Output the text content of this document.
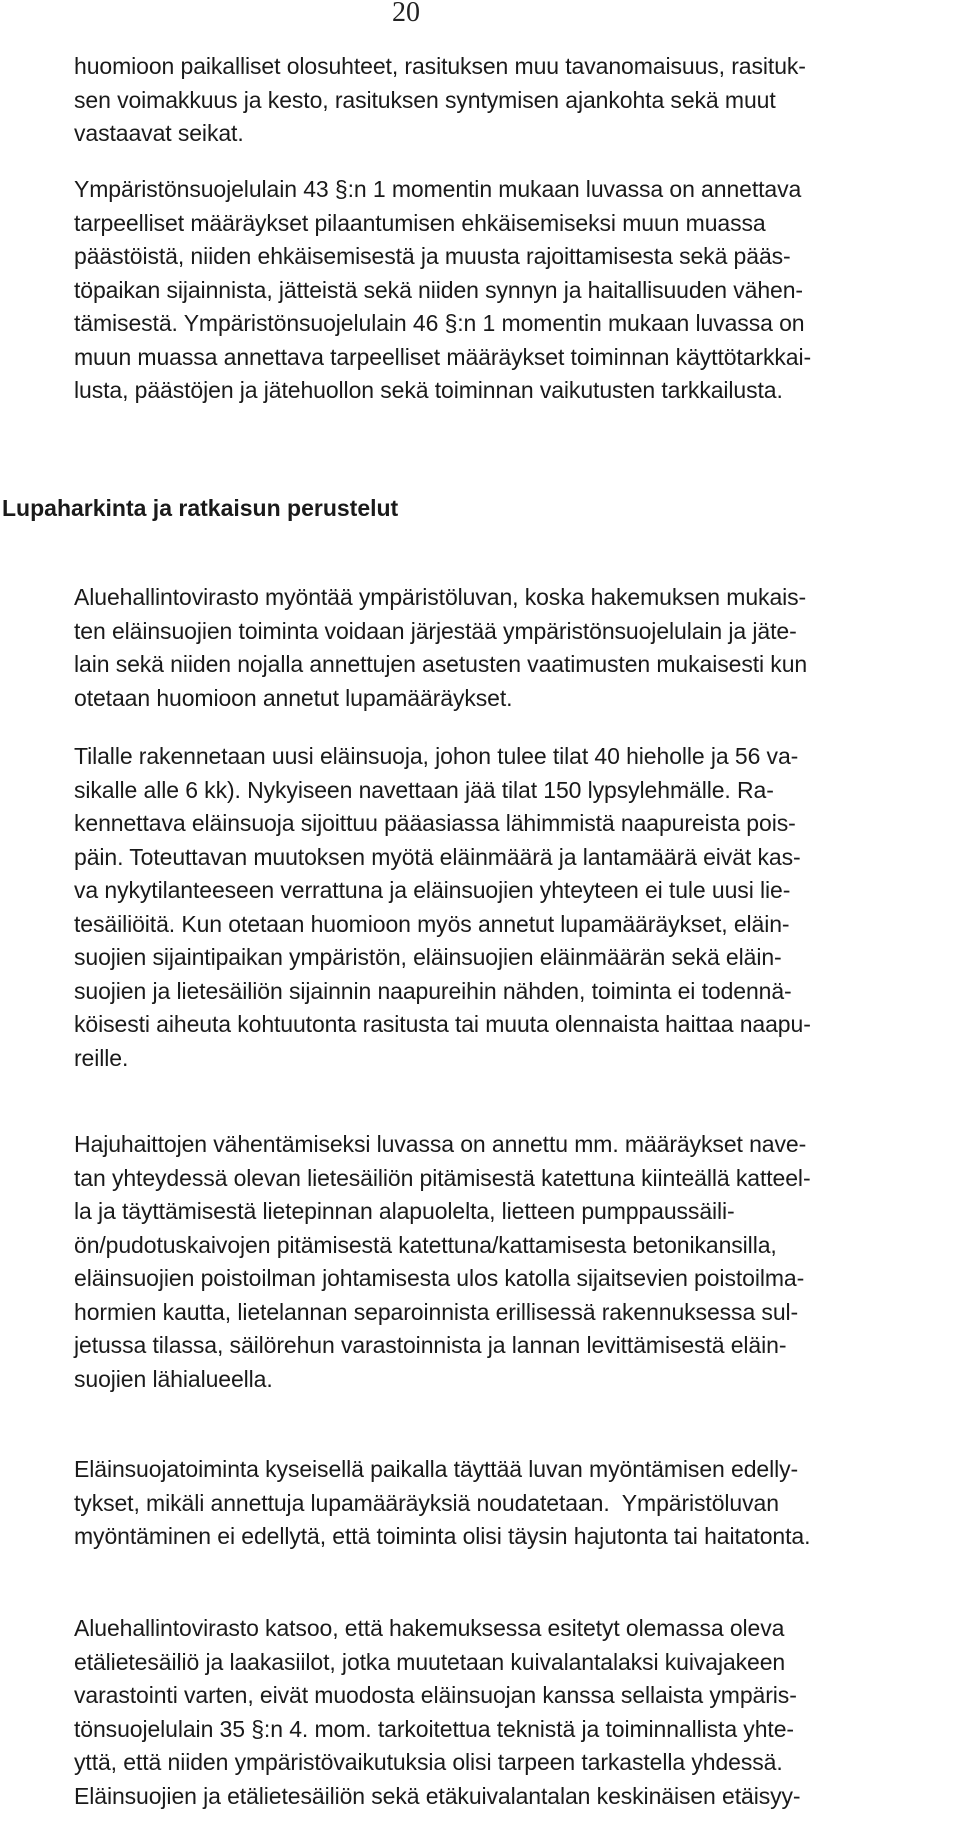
20
huomioon paikalliset olosuhteet, rasituksen muu tavanomaisuus, rasituk-
sen voimakkuus ja kesto, rasituksen syntymisen ajankohta sekä muut
vastaavat seikat.
Ympäristönsuojelulain 43 §:n 1 momentin mukaan luvassa on annettava
tarpeelliset määräykset pilaantumisen ehkäisemiseksi muun muassa
päästöistä, niiden ehkäisemisestä ja muusta rajoittamisesta sekä pääs-
töpaikan sijainnista, jätteistä sekä niiden synnyn ja haitallisuuden vähen-
tämisestä. Ympäristönsuojelulain 46 §:n 1 momentin mukaan luvassa on
muun muassa annettava tarpeelliset määräykset toiminnan käyttötarkkai-
lusta, päästöjen ja jätehuollon sekä toiminnan vaikutusten tarkkailusta.
Lupaharkinta ja ratkaisun perustelut
Aluehallintovirasto myöntää ympäristöluvan, koska hakemuksen mukais-
ten eläinsuojien toiminta voidaan järjestää ympäristönsuojelulain ja jäte-
lain sekä niiden nojalla annettujen asetusten vaatimusten mukaisesti kun
otetaan huomioon annetut lupamääräykset.
Tilalle rakennetaan uusi eläinsuoja, johon tulee tilat 40 hieholle ja 56 va-
sikalle alle 6 kk). Nykyiseen navettaan jää tilat 150 lypsylehmälle. Ra-
kennettava eläinsuoja sijoittuu pääasiassa lähimmistä naapureista pois-
päin. Toteuttavan muutoksen myötä eläinmäärä ja lantamäärä eivät kas-
va nykytilanteeseen verrattuna ja eläinsuojien yhteyteen ei tule uusi lie-
tesäiliöitä. Kun otetaan huomioon myös annetut lupamääräykset, eläin-
suojien sijaintipaikan ympäristön, eläinsuojien eläinmäärän sekä eläin-
suojien ja lietesäiliön sijainnin naapureihin nähden, toiminta ei todennä-
köisesti aiheuta kohtuutonta rasitusta tai muuta olennaista haittaa naapu-
reille.
Hajuhaittojen vähentämiseksi luvassa on annettu mm. määräykset nave-
tan yhteydessä olevan lietesäiliön pitämisestä katettuna kiinteällä katteel-
la ja täyttämisestä lietepinnan alapuolelta, lietteen pumppaussäili-
ön/pudotuskaivojen pitämisestä katettuna/kattamisesta betonikansilla,
eläinsuojien poistoilman johtamisesta ulos katolla sijaitsevien poistoilma-
hormien kautta, lietelannan separoinnista erillisessä rakennuksessa sul-
jetussa tilassa, säilörehun varastoinnista ja lannan levittämisestä eläin-
suojien lähialueella.
Eläinsuojatoiminta kyseisellä paikalla täyttää luvan myöntämisen edelly-
tykset, mikäli annettuja lupamääräyksiä noudatetaan.  Ympäristöluvan
myöntäminen ei edellytä, että toiminta olisi täysin hajutonta tai haitatonta.
Aluehallintovirasto katsoo, että hakemuksessa esitetyt olemassa oleva
etälietesäiliö ja laakasiilot, jotka muutetaan kuivalantalaksi kuivajakeen
varastointi varten, eivät muodosta eläinsuojan kanssa sellaista ympäris-
tönsuojelulain 35 §:n 4. mom. tarkoitettua teknistä ja toiminnallista yhte-
yttä, että niiden ympäristövaikutuksia olisi tarpeen tarkastella yhdessä.
Eläinsuojien ja etälietesäiliön sekä etäkuivalantalan keskinäisen etäisyy-
